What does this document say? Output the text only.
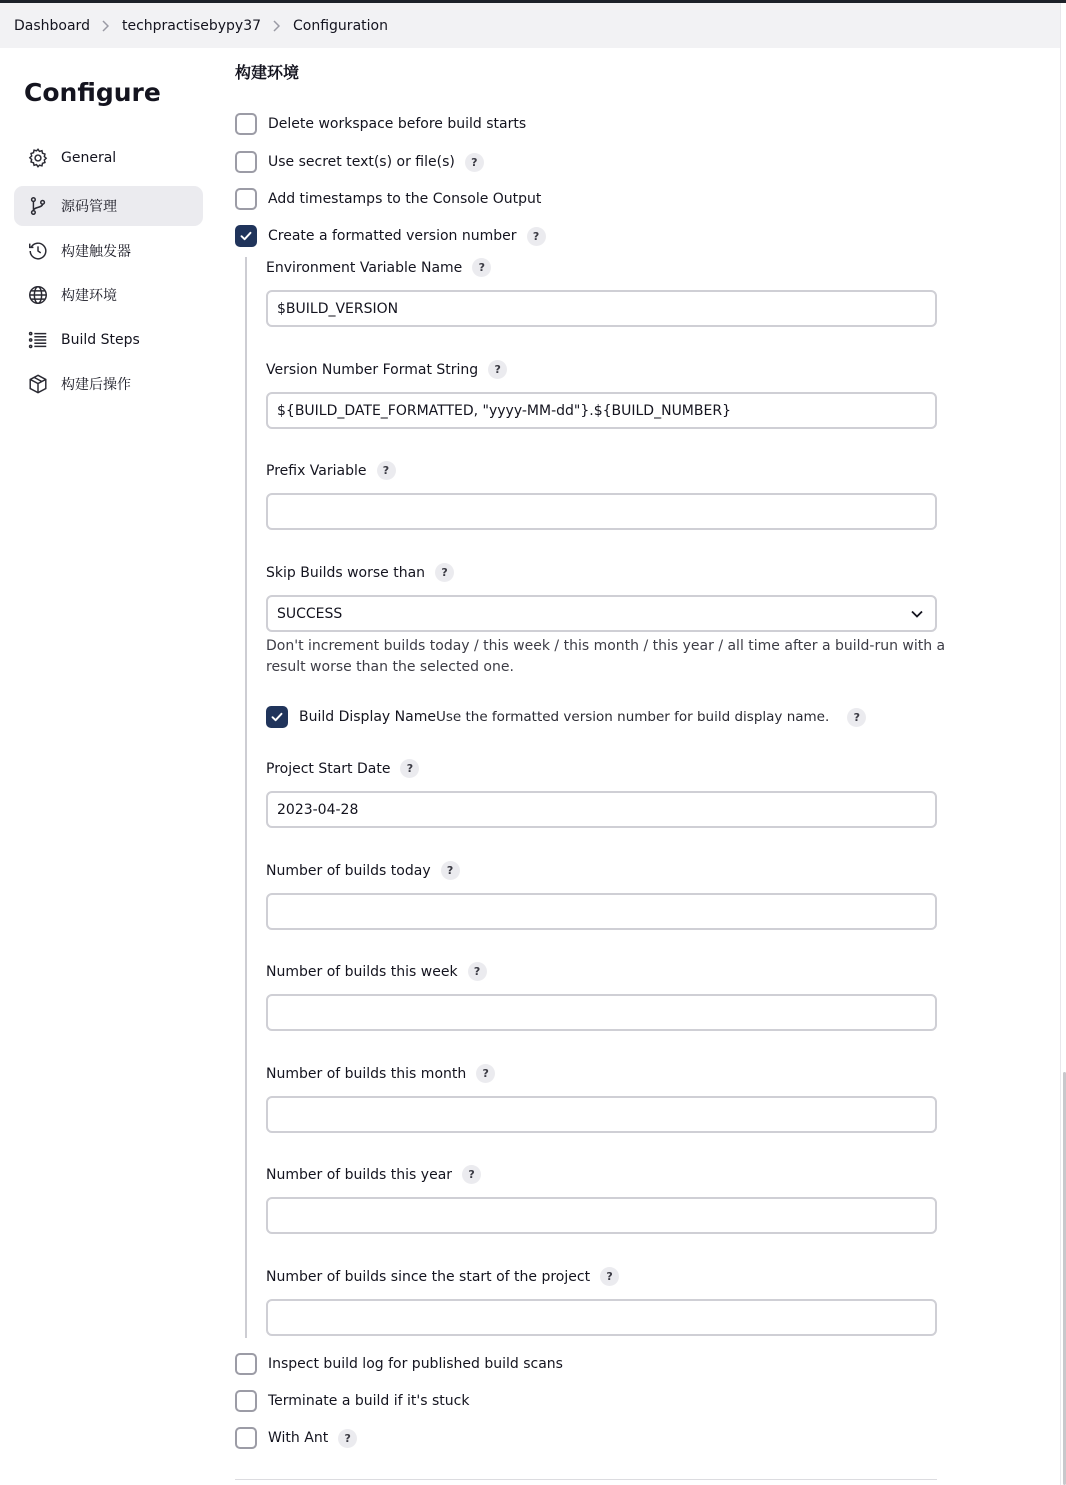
Dashboard techpractisebypy37 Configuration
Configure
General
源码管理
构建触发器
构建环境
Build Steps
构建后操作
构建环境
Delete workspace before build starts
Use secret text(s) or file(s)	?
Add timestamps to the Console Output
Create a formatted version number	?
Environment Variable Name	?
$BUILD_VERSION
Version Number Format String	?
${BUILD_DATE_FORMATTED, "yyyy-MM-dd"}.${BUILD_NUMBER}
Prefix Variable	?
Skip Builds worse than	?
SUCCESS
Don't increment builds today / this week / this month / this year / all time after a build-run with a result worse than the selected one.
Build Display Name Use the formatted version number for build display name.	?
Project Start Date	?
2023-04-28
Number of builds today	?
Number of builds this week	?
Number of builds this month	?
Number of builds this year	?
Number of builds since the start of the project	?
Inspect build log for published build scans
Terminate a build if it's stuck
With Ant	?
